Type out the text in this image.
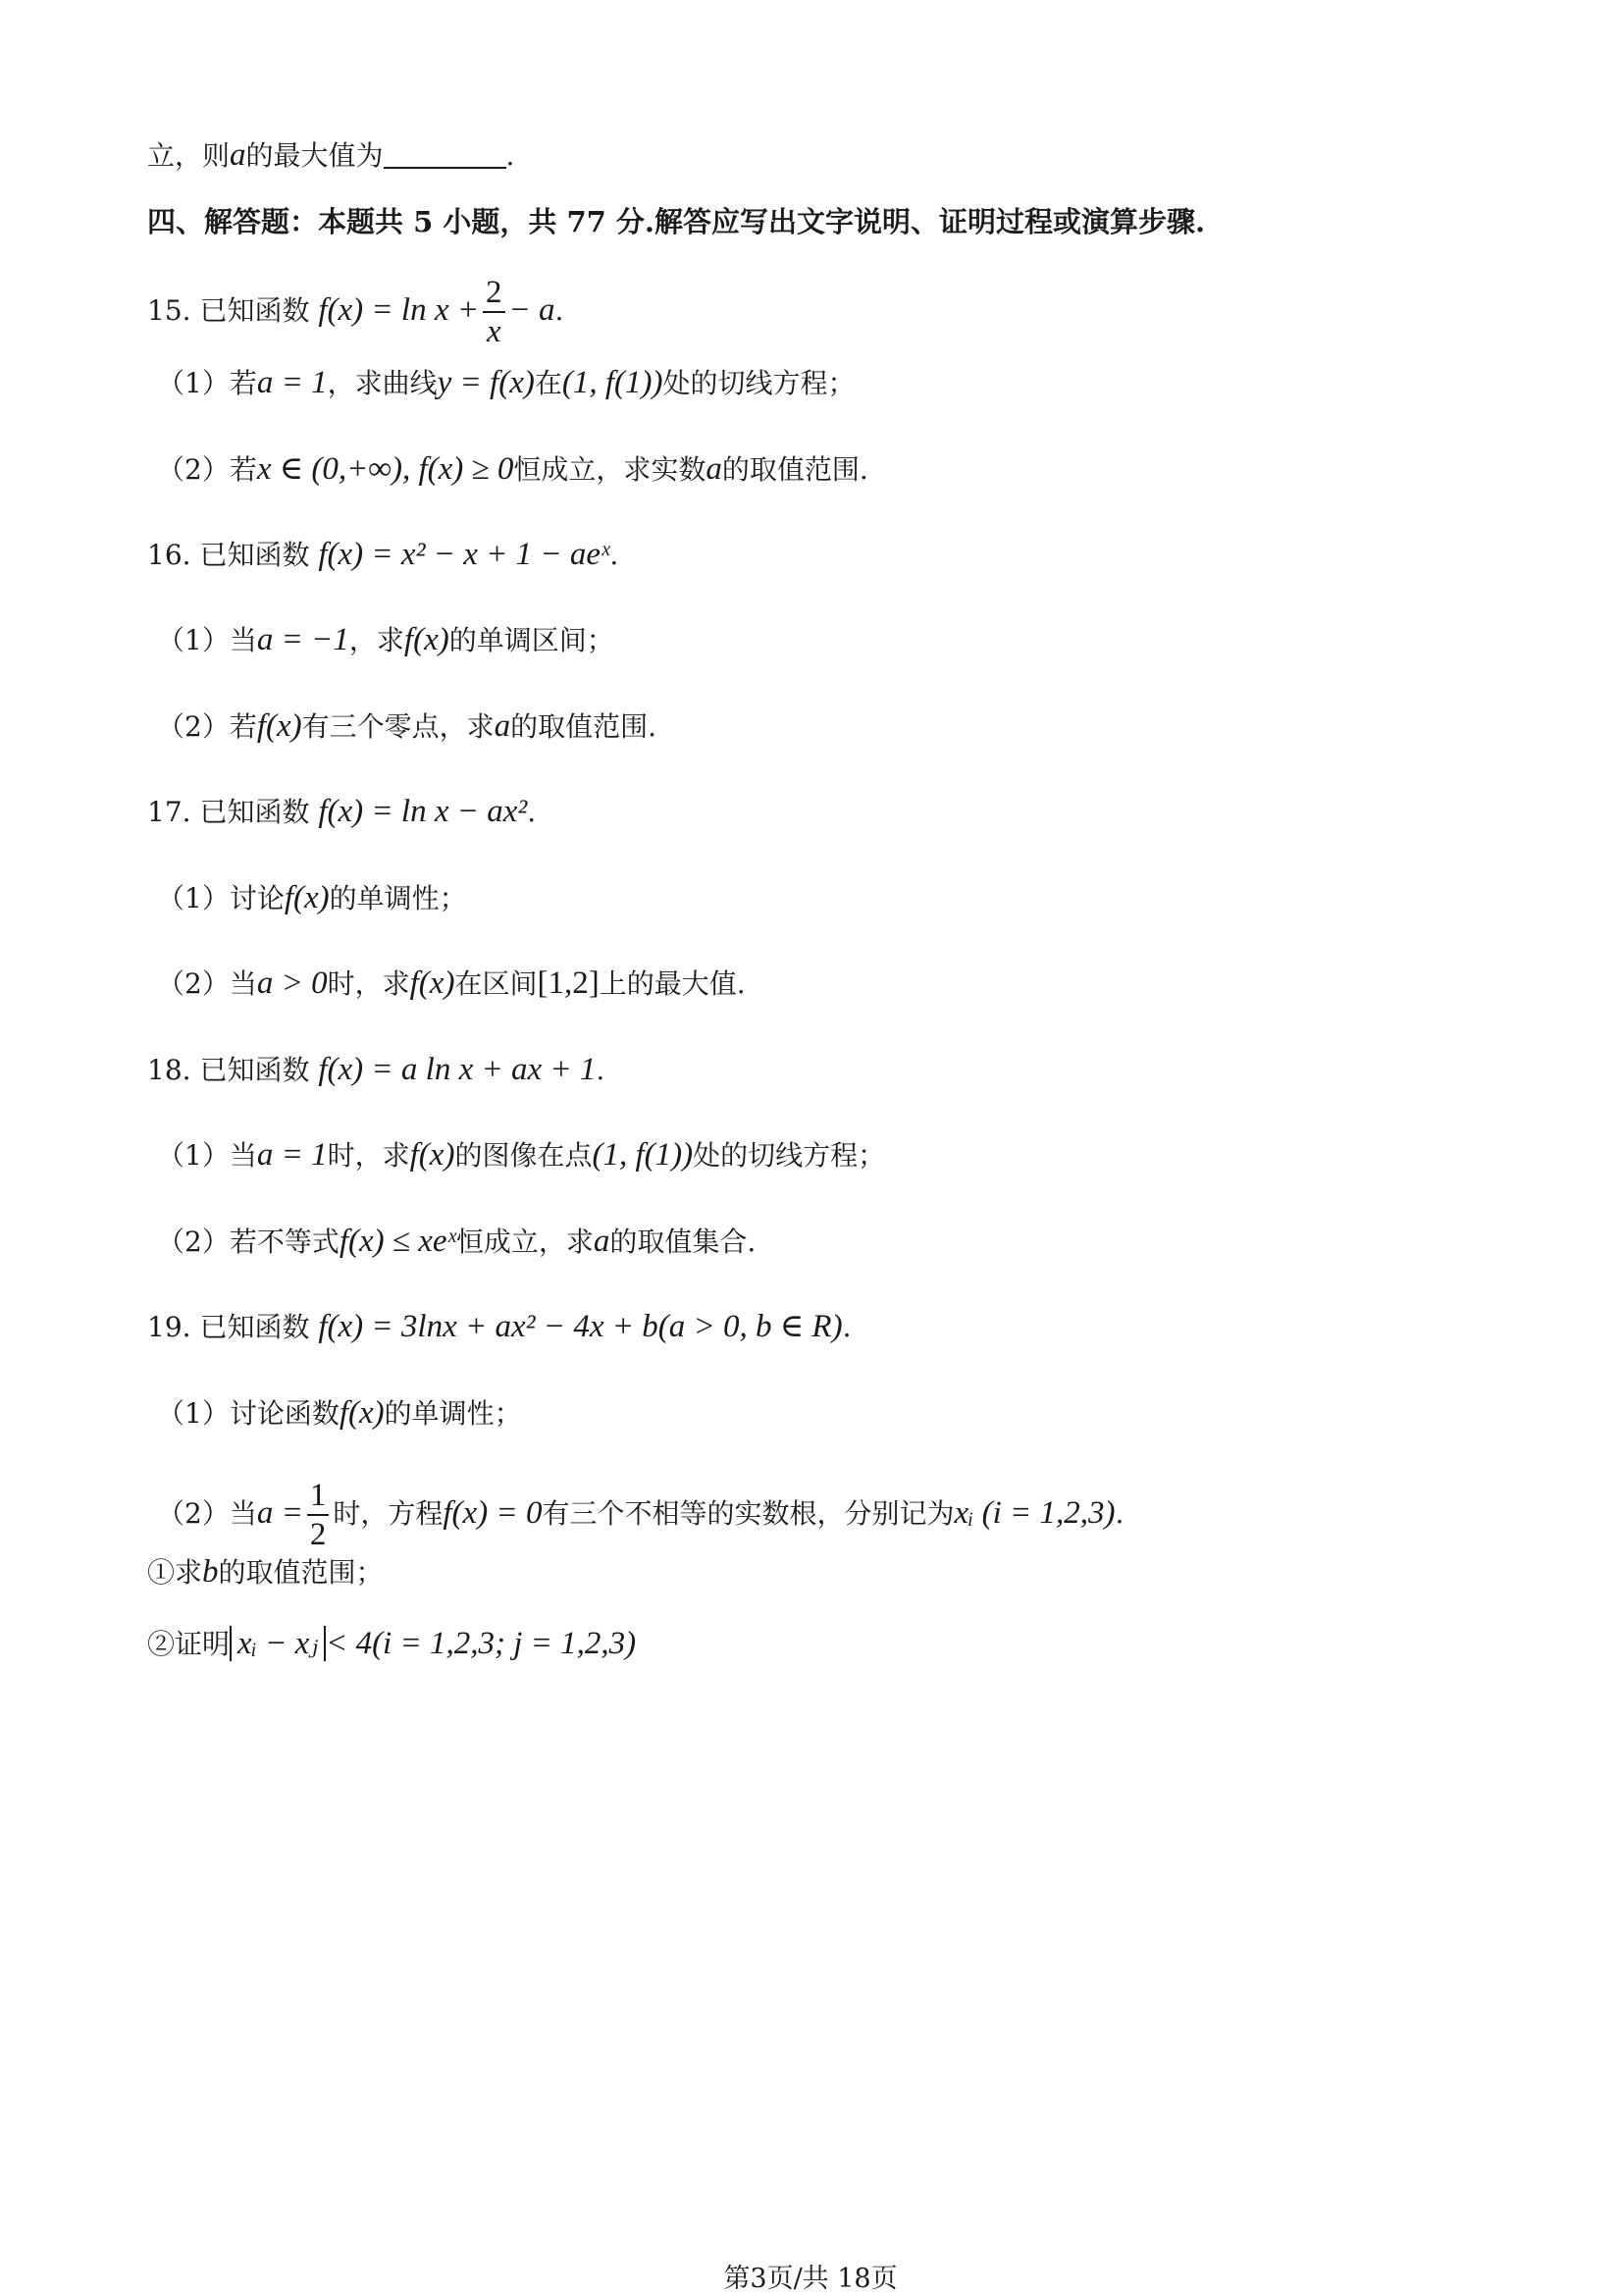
立，则a的最大值为	.
四、解答题：本题共 5 小题，共 77 分.解答应写出文字说明、证明过程或演算步骤.
15. 已知函数 $f(x) = \ln x + \frac{2}{x} - a$.
（1）若a = 1，求曲线y = f(x)在(1, f(1))处的切线方程；
（2）若x ∈ (0,+∞), f(x) ≥ 0恒成立，求实数a的取值范围.
16. 已知函数 f(x) = x² − x + 1 − aeˣ.
（1）当a = −1，求f(x)的单调区间；
（2）若f(x)有三个零点，求a的取值范围.
17. 已知函数 f(x) = ln x − ax².
（1）讨论f(x)的单调性；
（2）当a > 0时，求f(x)在区间[1,2]上的最大值.
18. 已知函数 f(x) = a ln x + ax + 1.
（1）当a = 1时，求f(x)的图像在点(1, f(1))处的切线方程；
（2）若不等式f(x) ≤ xeˣ恒成立，求a的取值集合.
19. 已知函数 f(x) = 3lnx + ax² − 4x + b(a > 0, b ∈ R).
（1）讨论函数f(x)的单调性；
（2）当$a = \frac{1}{2}$ 时，方程f(x) = 0有三个不相等的实数根，分别记为xᵢ (i = 1,2,3).
①求b的取值范围；
②证明 xᵢ − xⱼ < 4(i = 1,2,3; j = 1,2,3)
第3页/共 18页
